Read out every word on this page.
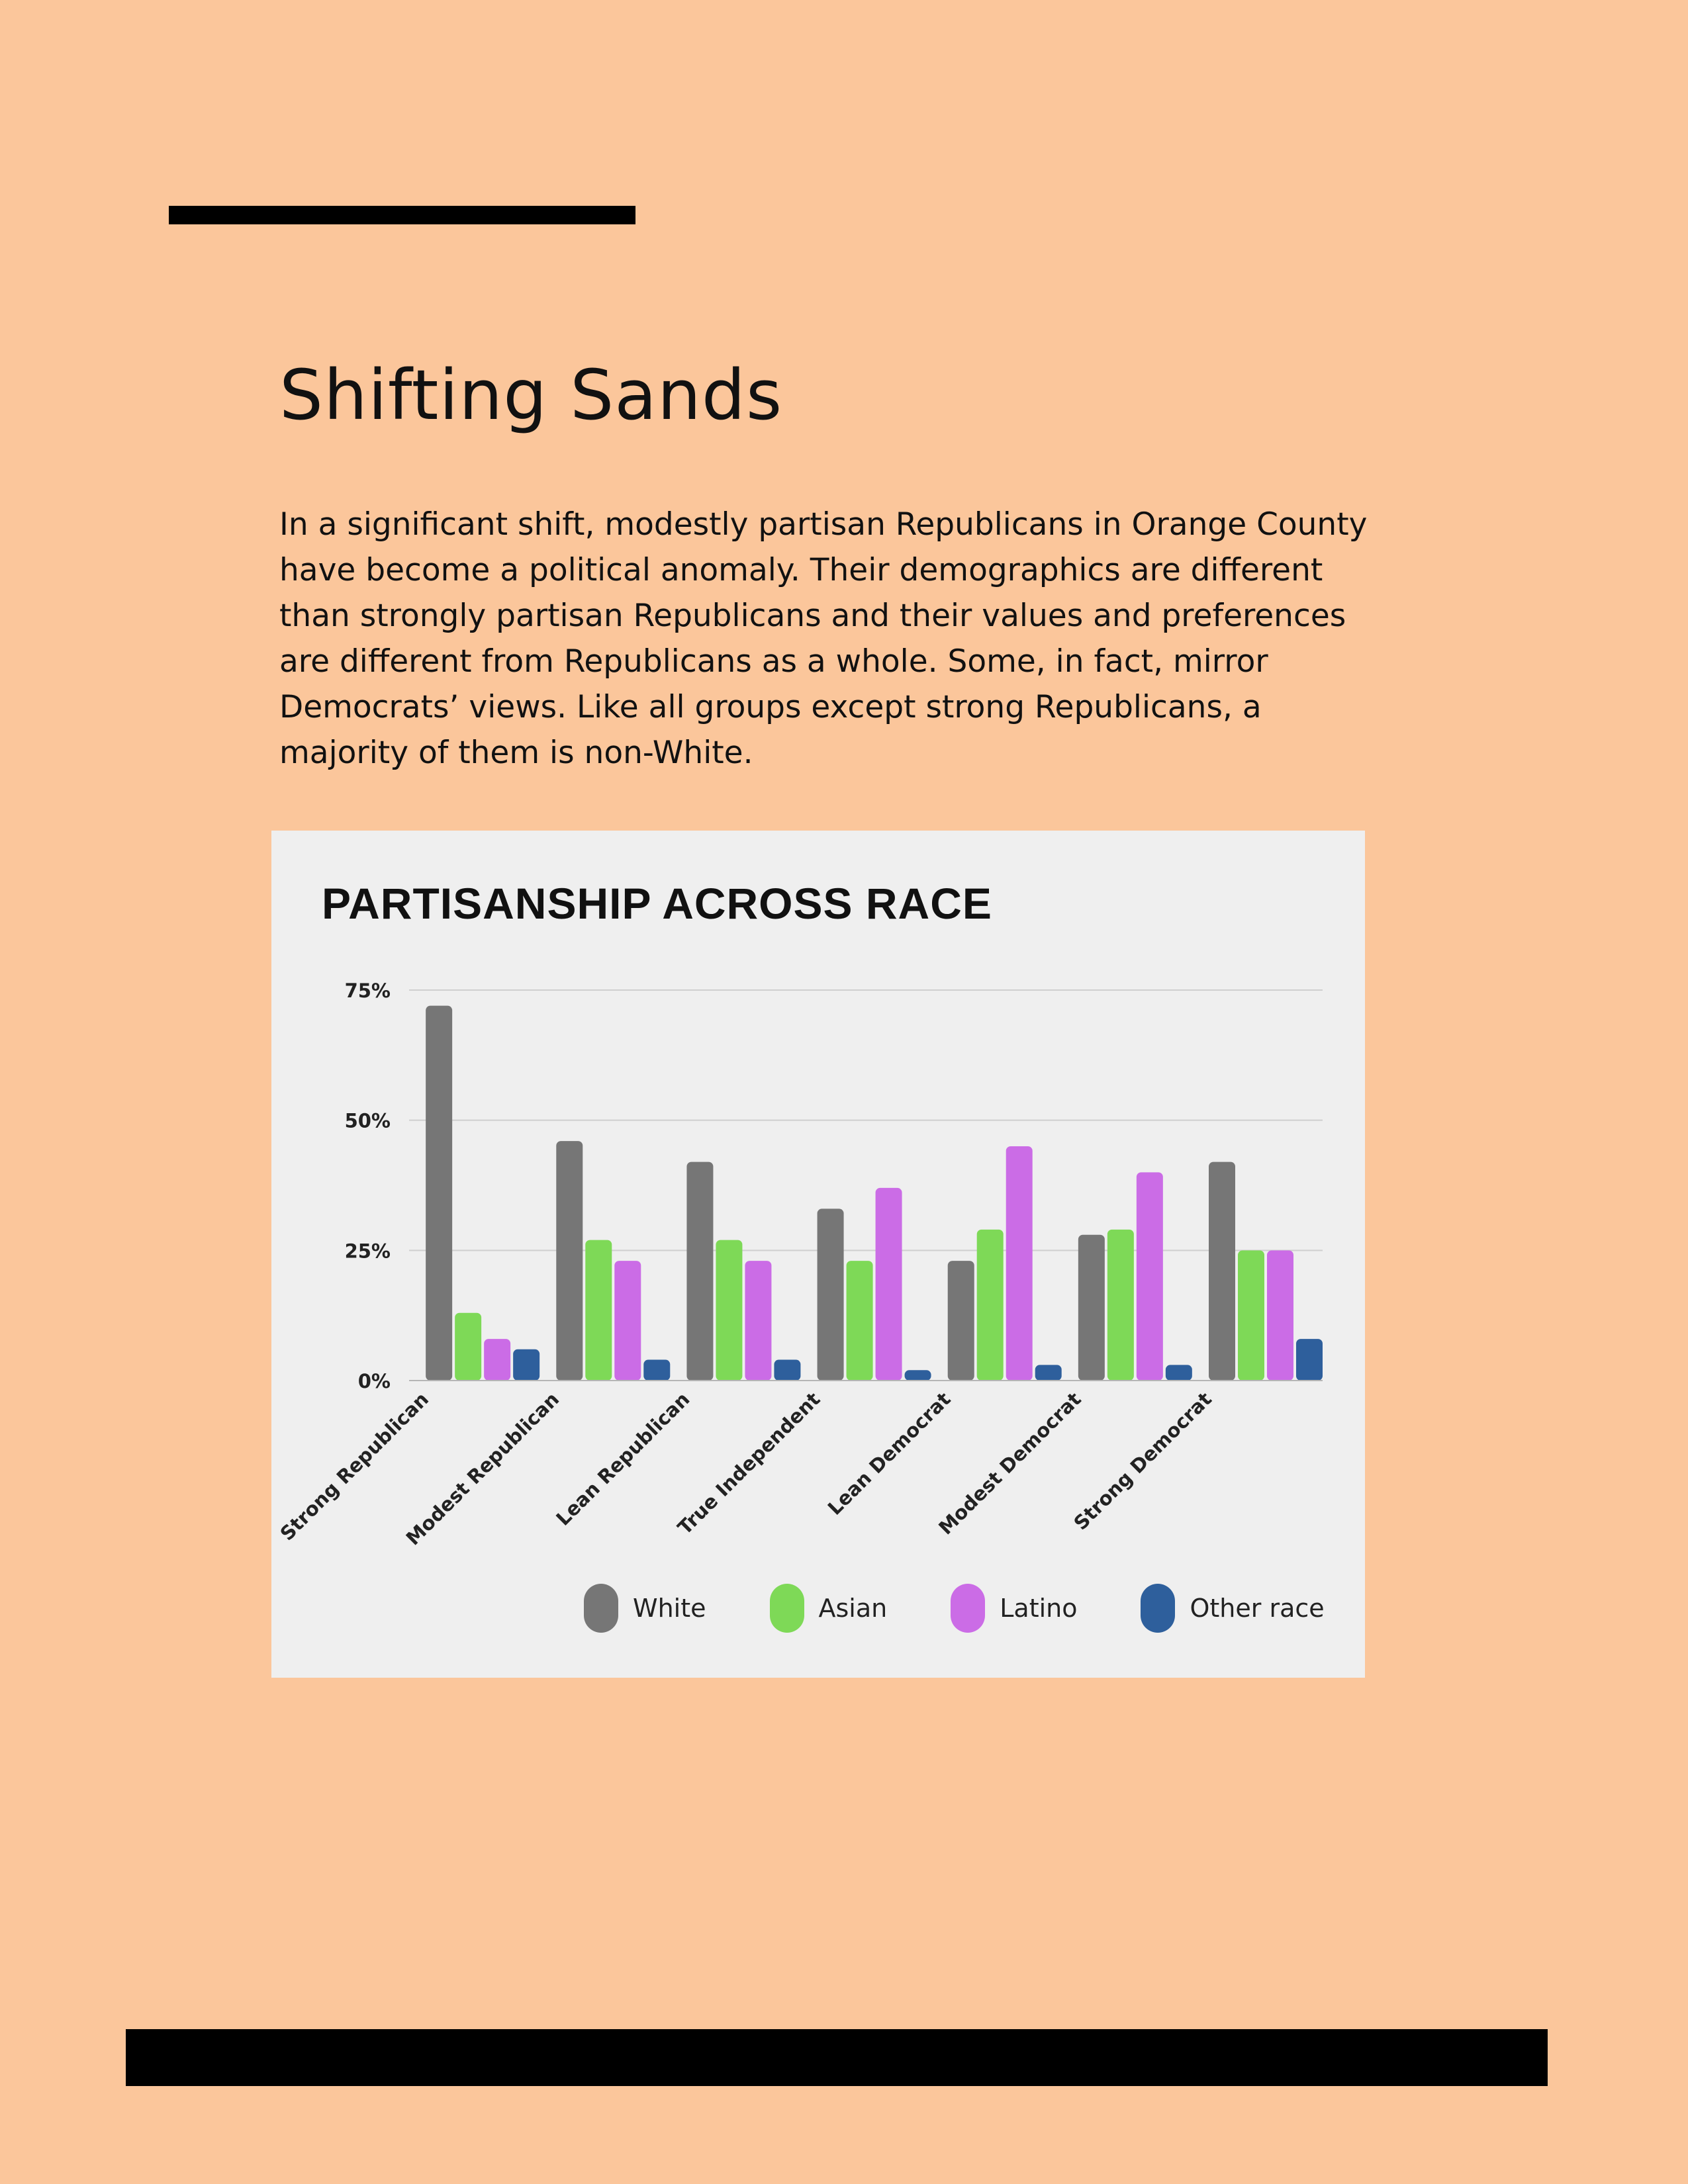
Shifting Sands

In a significant shift, modestly partisan Republicans in Orange County have become a political anomaly. Their demographics are different than strongly partisan Republicans and their values and preferences are different from Republicans as a whole. Some, in fact, mirror Democrats’ views. Like all groups except strong Republicans, a majority of them is non-White.

PARTISANSHIP ACROSS RACE
0%
25%
50%
75%
Strong Republican
Modest Republican
Lean Republican
True Independent
Lean Democrat
Modest Democrat
Strong Democrat
White	Asian	Latino	Other race
